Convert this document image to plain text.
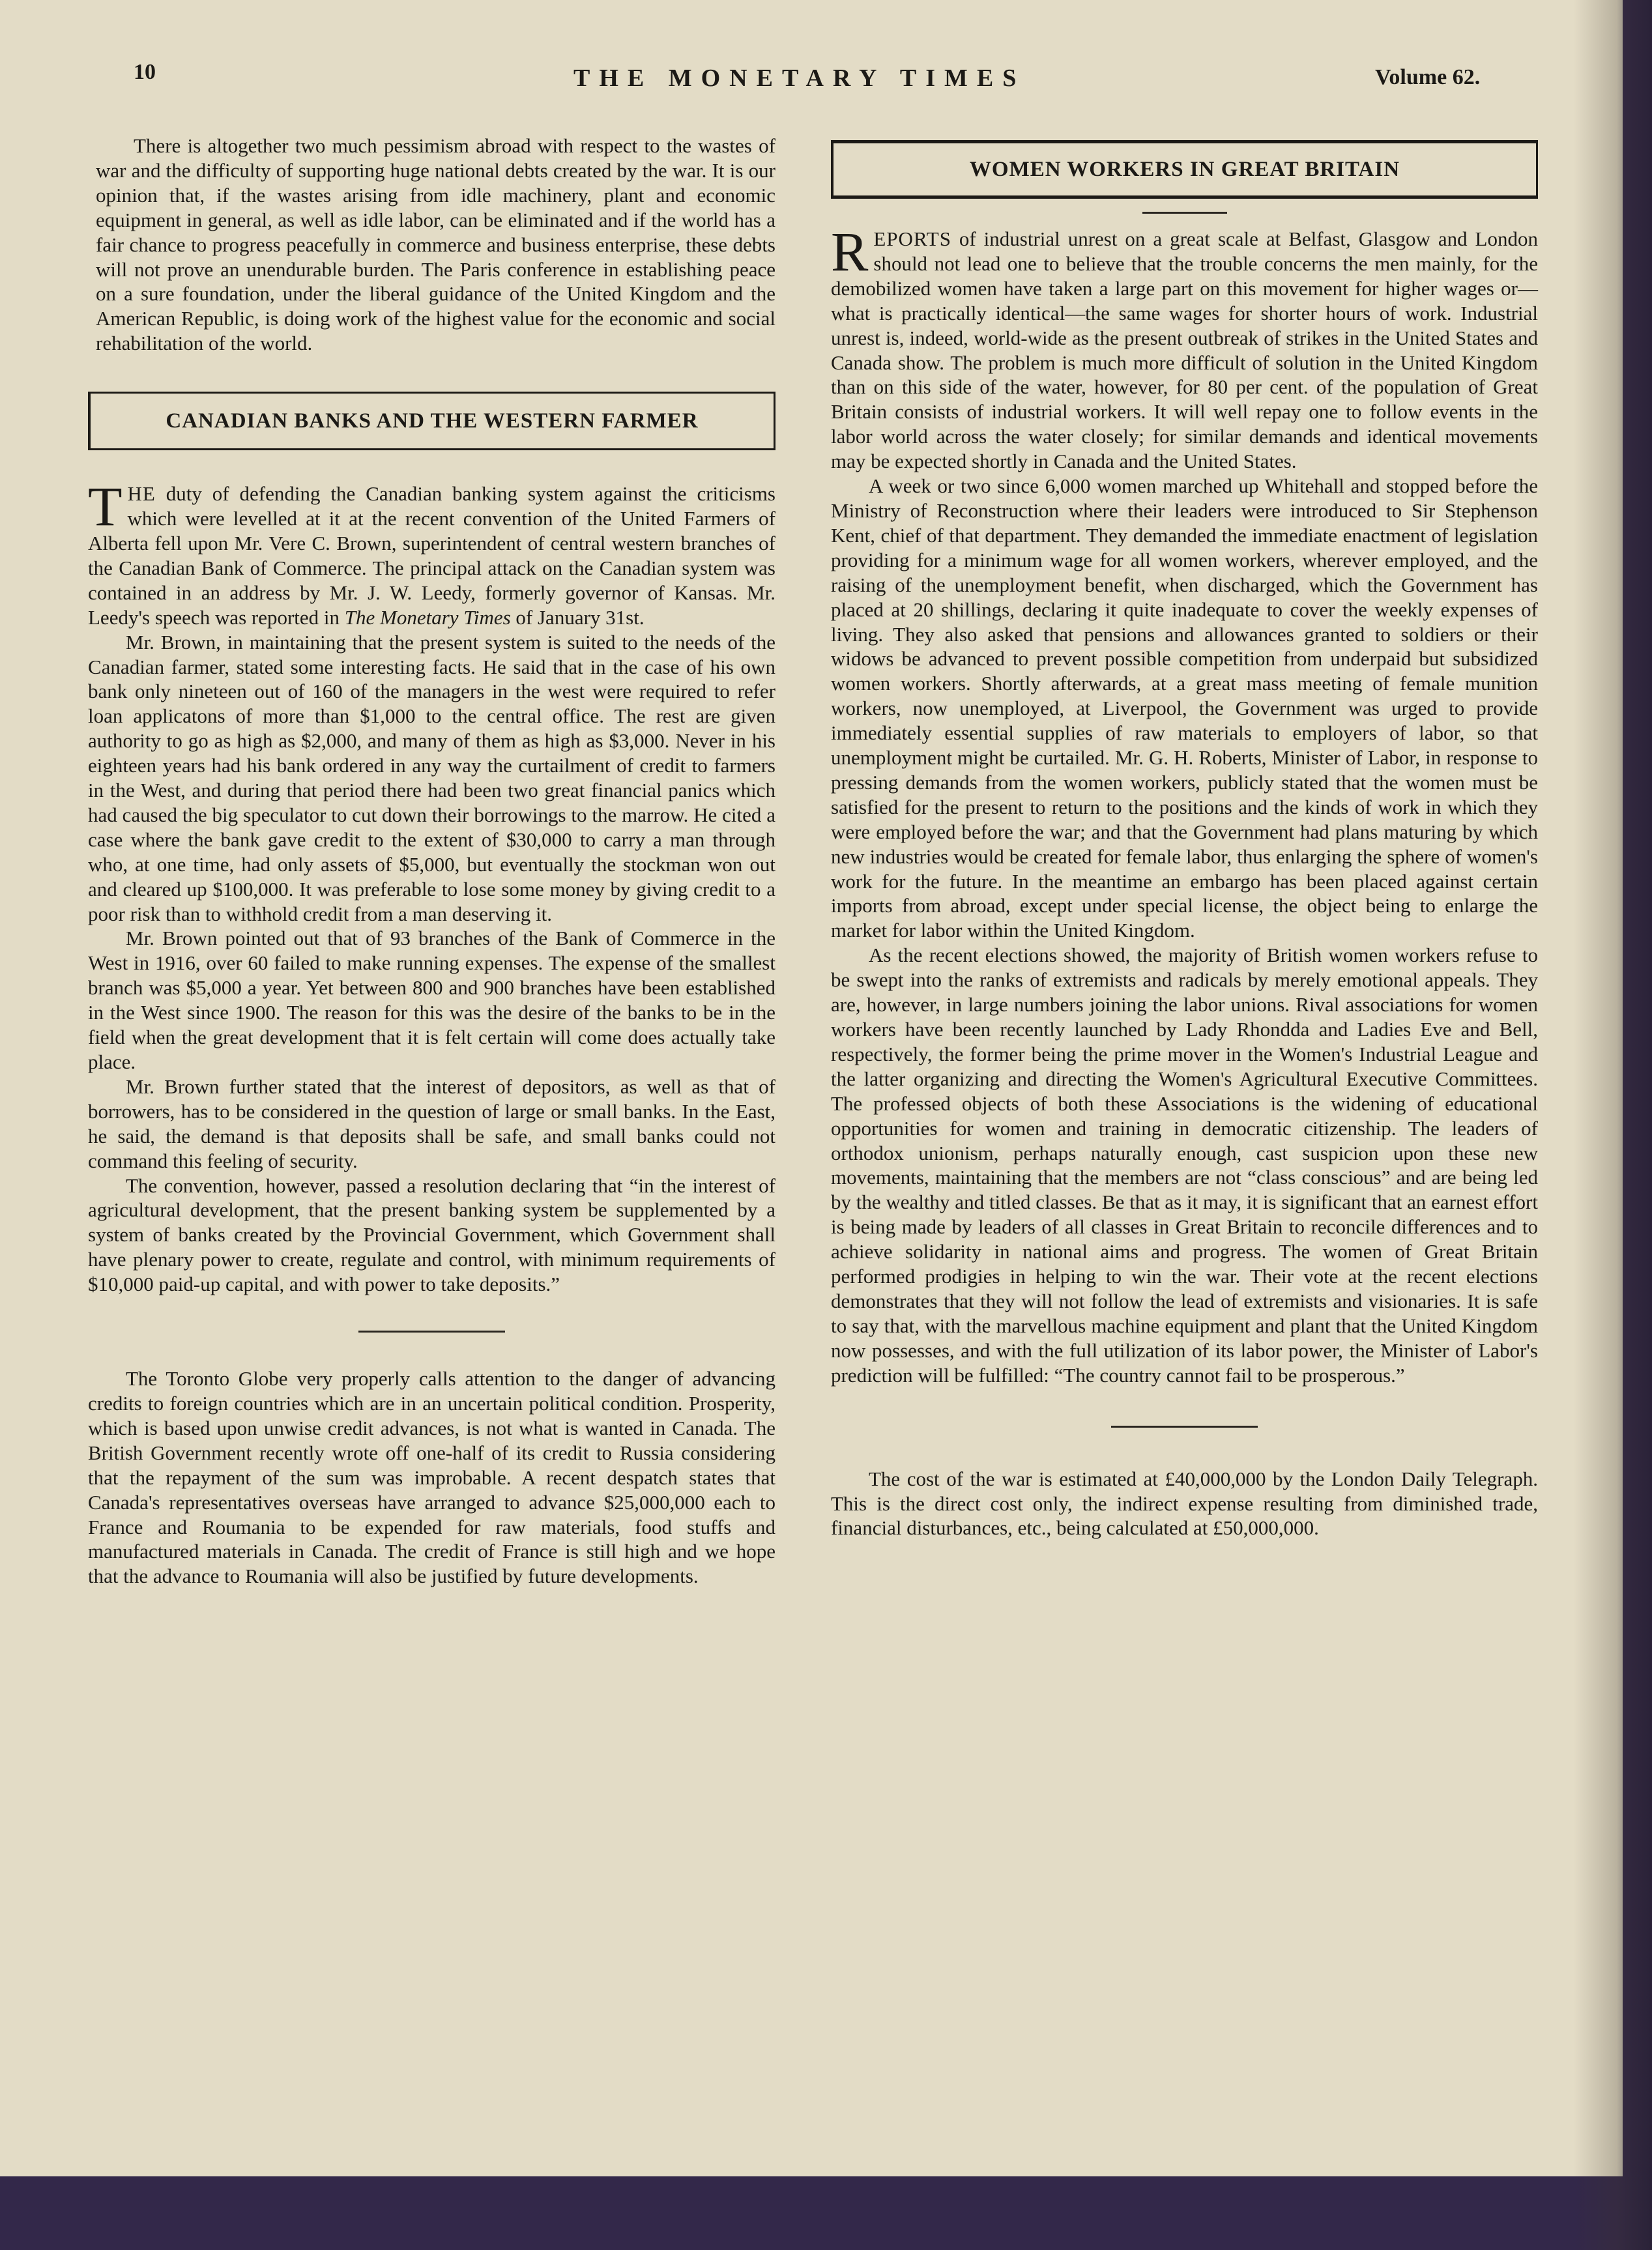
10	THE MONETARY TIMES	Volume 62.

There is altogether two much pessimism abroad with respect to the wastes of war and the difficulty of supporting huge national debts created by the war. It is our opinion that, if the wastes arising from idle machinery, plant and economic equipment in general, as well as idle labor, can be eliminated and if the world has a fair chance to progress peacefully in commerce and business enterprise, these debts will not prove an unendurable burden. The Paris conference in establishing peace on a sure foundation, under the liberal guidance of the United Kingdom and the American Republic, is doing work of the highest value for the economic and social rehabilitation of the world.

CANADIAN BANKS AND THE WESTERN FARMER

THE duty of defending the Canadian banking system against the criticisms which were levelled at it at the recent convention of the United Farmers of Alberta fell upon Mr. Vere C. Brown, superintendent of central western branches of the Canadian Bank of Commerce. The principal attack on the Canadian system was contained in an address by Mr. J. W. Leedy, formerly governor of Kansas. Mr. Leedy's speech was reported in The Monetary Times of January 31st.

Mr. Brown, in maintaining that the present system is suited to the needs of the Canadian farmer, stated some interesting facts. He said that in the case of his own bank only nineteen out of 160 of the managers in the west were required to refer loan applicatons of more than $1,000 to the central office. The rest are given authority to go as high as $2,000, and many of them as high as $3,000. Never in his eighteen years had his bank ordered in any way the curtailment of credit to farmers in the West, and during that period there had been two great financial panics which had caused the big speculator to cut down their borrowings to the marrow. He cited a case where the bank gave credit to the extent of $30,000 to carry a man through who, at one time, had only assets of $5,000, but eventually the stockman won out and cleared up $100,000. It was preferable to lose some money by giving credit to a poor risk than to withhold credit from a man deserving it.

Mr. Brown pointed out that of 93 branches of the Bank of Commerce in the West in 1916, over 60 failed to make running expenses. The expense of the smallest branch was $5,000 a year. Yet between 800 and 900 branches have been established in the West since 1900. The reason for this was the desire of the banks to be in the field when the great development that it is felt certain will come does actually take place.

Mr. Brown further stated that the interest of depositors, as well as that of borrowers, has to be considered in the question of large or small banks. In the East, he said, the demand is that deposits shall be safe, and small banks could not command this feeling of security.

The convention, however, passed a resolution declaring that “in the interest of agricultural development, that the present banking system be supplemented by a system of banks created by the Provincial Government, which Government shall have plenary power to create, regulate and control, with minimum requirements of $10,000 paid-up capital, and with power to take deposits.”

The Toronto Globe very properly calls attention to the danger of advancing credits to foreign countries which are in an uncertain political condition. Prosperity, which is based upon unwise credit advances, is not what is wanted in Canada. The British Government recently wrote off one-half of its credit to Russia considering that the repayment of the sum was improbable. A recent despatch states that Canada's representatives overseas have arranged to advance $25,000,000 each to France and Roumania to be expended for raw materials, food stuffs and manufactured materials in Canada. The credit of France is still high and we hope that the advance to Roumania will also be justified by future developments.

WOMEN WORKERS IN GREAT BRITAIN

REPORTS of industrial unrest on a great scale at Belfast, Glasgow and London should not lead one to believe that the trouble concerns the men mainly, for the demobilized women have taken a large part on this movement for higher wages or—what is practically identical—the same wages for shorter hours of work. Industrial unrest is, indeed, world-wide as the present outbreak of strikes in the United States and Canada show. The problem is much more difficult of solution in the United Kingdom than on this side of the water, however, for 80 per cent. of the population of Great Britain consists of industrial workers. It will well repay one to follow events in the labor world across the water closely; for similar demands and identical movements may be expected shortly in Canada and the United States.

A week or two since 6,000 women marched up Whitehall and stopped before the Ministry of Reconstruction where their leaders were introduced to Sir Stephenson Kent, chief of that department. They demanded the immediate enactment of legislation providing for a minimum wage for all women workers, wherever employed, and the raising of the unemployment benefit, when discharged, which the Government has placed at 20 shillings, declaring it quite inadequate to cover the weekly expenses of living. They also asked that pensions and allowances granted to soldiers or their widows be advanced to prevent possible competition from underpaid but subsidized women workers. Shortly afterwards, at a great mass meeting of female munition workers, now unemployed, at Liverpool, the Government was urged to provide immediately essential supplies of raw materials to employers of labor, so that unemployment might be curtailed. Mr. G. H. Roberts, Minister of Labor, in response to pressing demands from the women workers, publicly stated that the women must be satisfied for the present to return to the positions and the kinds of work in which they were employed before the war; and that the Government had plans maturing by which new industries would be created for female labor, thus enlarging the sphere of women's work for the future. In the meantime an embargo has been placed against certain imports from abroad, except under special license, the object being to enlarge the market for labor within the United Kingdom.

As the recent elections showed, the majority of British women workers refuse to be swept into the ranks of extremists and radicals by merely emotional appeals. They are, however, in large numbers joining the labor unions. Rival associations for women workers have been recently launched by Lady Rhondda and Ladies Eve and Bell, respectively, the former being the prime mover in the Women's Industrial League and the latter organizing and directing the Women's Agricultural Executive Committees. The professed objects of both these Associations is the widening of educational opportunities for women and training in democratic citizenship. The leaders of orthodox unionism, perhaps naturally enough, cast suspicion upon these new movements, maintaining that the members are not “class conscious” and are being led by the wealthy and titled classes. Be that as it may, it is significant that an earnest effort is being made by leaders of all classes in Great Britain to reconcile differences and to achieve solidarity in national aims and progress. The women of Great Britain performed prodigies in helping to win the war. Their vote at the recent elections demonstrates that they will not follow the lead of extremists and visionaries. It is safe to say that, with the marvellous machine equipment and plant that the United Kingdom now possesses, and with the full utilization of its labor power, the Minister of Labor's prediction will be fulfilled: “The country cannot fail to be prosperous.”

The cost of the war is estimated at £40,000,000 by the London Daily Telegraph. This is the direct cost only, the indirect expense resulting from diminished trade, financial disturbances, etc., being calculated at £50,000,000.
